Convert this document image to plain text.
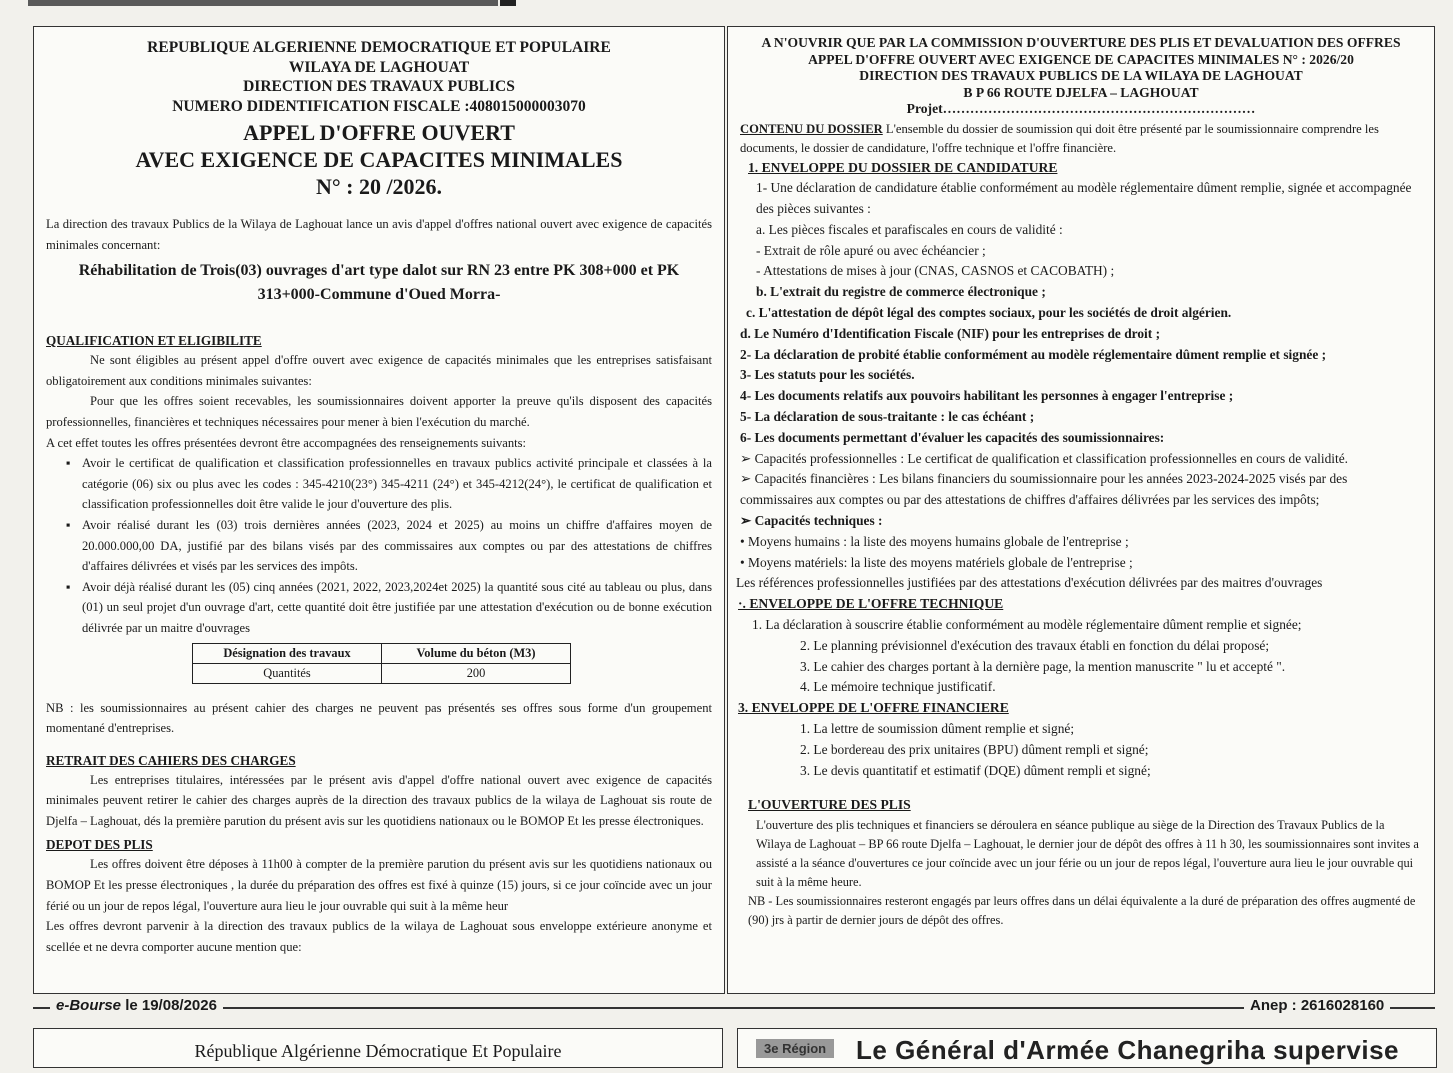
REPUBLIQUE ALGERIENNE DEMOCRATIQUE ET POPULAIRE
WILAYA DE LAGHOUAT
DIRECTION DES TRAVAUX PUBLICS
NUMERO DIDENTIFICATION FISCALE :408015000003070
APPEL D'OFFRE OUVERT
AVEC EXIGENCE DE CAPACITES MINIMALES
N° : 20 /2026.
La direction des travaux Publics de la Wilaya de Laghouat lance un avis d'appel d'offres national ouvert avec exigence de capacités minimales concernant:
Réhabilitation de Trois(03) ouvrages d'art type dalot sur RN 23 entre PK 308+000 et PK 313+000-Commune d'Oued Morra-
QUALIFICATION ET ELIGIBILITE
Ne sont éligibles au présent appel d'offre ouvert avec exigence de capacités minimales que les entreprises satisfaisant obligatoirement aux conditions minimales suivantes:
Pour que les offres soient recevables, les soumissionnaires doivent apporter la preuve qu'ils disposent des capacités professionnelles, financières et techniques nécessaires pour mener à bien l'exécution du marché.
A cet effet toutes les offres présentées devront être accompagnées des renseignements suivants:
▪ Avoir le certificat de qualification et classification professionnelles en travaux publics activité principale et classées à la catégorie (06) six ou plus avec les codes : 345-4210(23°) 345-4211 (24°) et 345-4212(24°), le certificat de qualification et classification professionnelles doit être valide le jour d'ouverture des plis.
▪ Avoir réalisé durant les (03) trois dernières années (2023, 2024 et 2025) au moins un chiffre d'affaires moyen de 20.000.000,00 DA, justifié par des bilans visés par des commissaires aux comptes ou par des attestations de chiffres d'affaires délivrées et visés par les services des impôts.
▪ Avoir déjà réalisé durant les (05) cinq années (2021, 2022, 2023,2024et 2025) la quantité sous cité au tableau ou plus, dans (01) un seul projet d'un ouvrage d'art, cette quantité doit être justifiée par une attestation d'exécution ou de bonne exécution délivrée par un maitre d'ouvrages
Désignation des travaux	Volume du béton (M3)
Quantités	200
NB : les soumissionnaires au présent cahier des charges ne peuvent pas présentés ses offres sous forme d'un groupement momentané d'entreprises.
RETRAIT DES CAHIERS DES CHARGES
Les entreprises titulaires, intéressées par le présent avis d'appel d'offre national ouvert avec exigence de capacités minimales peuvent retirer le cahier des charges auprès de la direction des travaux publics de la wilaya de Laghouat sis route de Djelfa – Laghouat, dés la première parution du présent avis sur les quotidiens nationaux ou le BOMOP Et les presse électroniques.
DEPOT DES PLIS
Les offres doivent être déposes à 11h00 à compter de la première parution du présent avis sur les quotidiens nationaux ou BOMOP Et les presse électroniques , la durée du préparation des offres est fixé à quinze (15) jours, si ce jour coïncide avec un jour férié ou un jour de repos légal, l'ouverture aura lieu le jour ouvrable qui suit à la même heur
Les offres devront parvenir à la direction des travaux publics de la wilaya de Laghouat sous enveloppe extérieure anonyme et scellée et ne devra comporter aucune mention que:
A N'OUVRIR QUE PAR LA COMMISSION D'OUVERTURE DES PLIS ET DEVALUATION DES OFFRES
APPEL D'OFFRE OUVERT AVEC EXIGENCE DE CAPACITES MINIMALES N° : 2026/20
DIRECTION DES TRAVAUX PUBLICS DE LA WILAYA DE LAGHOUAT
B P 66 ROUTE DJELFA – LAGHOUAT
Projet……………………………………………………………
CONTENU DU DOSSIER L'ensemble du dossier de soumission qui doit être présenté par le soumissionnaire comprendre les documents, le dossier de candidature, l'offre technique et l'offre financière.
1. ENVELOPPE DU DOSSIER DE CANDIDATURE
1- Une déclaration de candidature établie conformément au modèle réglementaire dûment remplie, signée et accompagnée des pièces suivantes :
a. Les pièces fiscales et parafiscales en cours de validité :
- Extrait de rôle apuré ou avec échéancier ;
- Attestations de mises à jour (CNAS, CASNOS et CACOBATH) ;
b. L'extrait du registre de commerce électronique ;
c. L'attestation de dépôt légal des comptes sociaux, pour les sociétés de droit algérien.
d. Le Numéro d'Identification Fiscale (NIF) pour les entreprises de droit ;
2- La déclaration de probité établie conformément au modèle réglementaire dûment remplie et signée ;
3- Les statuts pour les sociétés.
4- Les documents relatifs aux pouvoirs habilitant les personnes à engager l'entreprise ;
5- La déclaration de sous-traitante : le cas échéant ;
6- Les documents permettant d'évaluer les capacités des soumissionnaires:
➢ Capacités professionnelles : Le certificat de qualification et classification professionnelles en cours de validité.
➢ Capacités financières : Les bilans financiers du soumissionnaire pour les années 2023-2024-2025 visés par des commissaires aux comptes ou par des attestations de chiffres d'affaires délivrées par les services des impôts;
➢ Capacités techniques :
• Moyens humains : la liste des moyens humains globale de l'entreprise ;
• Moyens matériels: la liste des moyens matériels globale de l'entreprise ;
Les références professionnelles justifiées par des attestations d'exécution délivrées par des maitres d'ouvrages
·. ENVELOPPE DE L'OFFRE TECHNIQUE
1. La déclaration à souscrire établie conformément au modèle réglementaire dûment remplie et signée;
2. Le planning prévisionnel d'exécution des travaux établi en fonction du délai proposé;
3. Le cahier des charges portant à la dernière page, la mention manuscrite " lu et accepté ".
4. Le mémoire technique justificatif.
3. ENVELOPPE DE L'OFFRE FINANCIERE
1. La lettre de soumission dûment remplie et signé;
2. Le bordereau des prix unitaires (BPU) dûment rempli et signé;
3. Le devis quantitatif et estimatif (DQE) dûment rempli et signé;
L'OUVERTURE DES PLIS
L'ouverture des plis techniques et financiers se déroulera en séance publique au siège de la Direction des Travaux Publics de la Wilaya de Laghouat – BP 66 route Djelfa – Laghouat, le dernier jour de dépôt des offres à 11 h 30, les soumissionnaires sont invites a assisté a la séance d'ouvertures ce jour coïncide avec un jour férie ou un jour de repos légal, l'ouverture aura lieu le jour ouvrable qui suit à la même heure.
NB - Les soumissionnaires resteront engagés par leurs offres dans un délai équivalente a la duré de préparation des offres augmenté de (90) jrs à partir de dernier jours de dépôt des offres.
e-Bourse le 19/08/2026	Anep : 2616028160
République Algérienne Démocratique Et Populaire	3e Région	Le Général d'Armée Chanegriha supervise
